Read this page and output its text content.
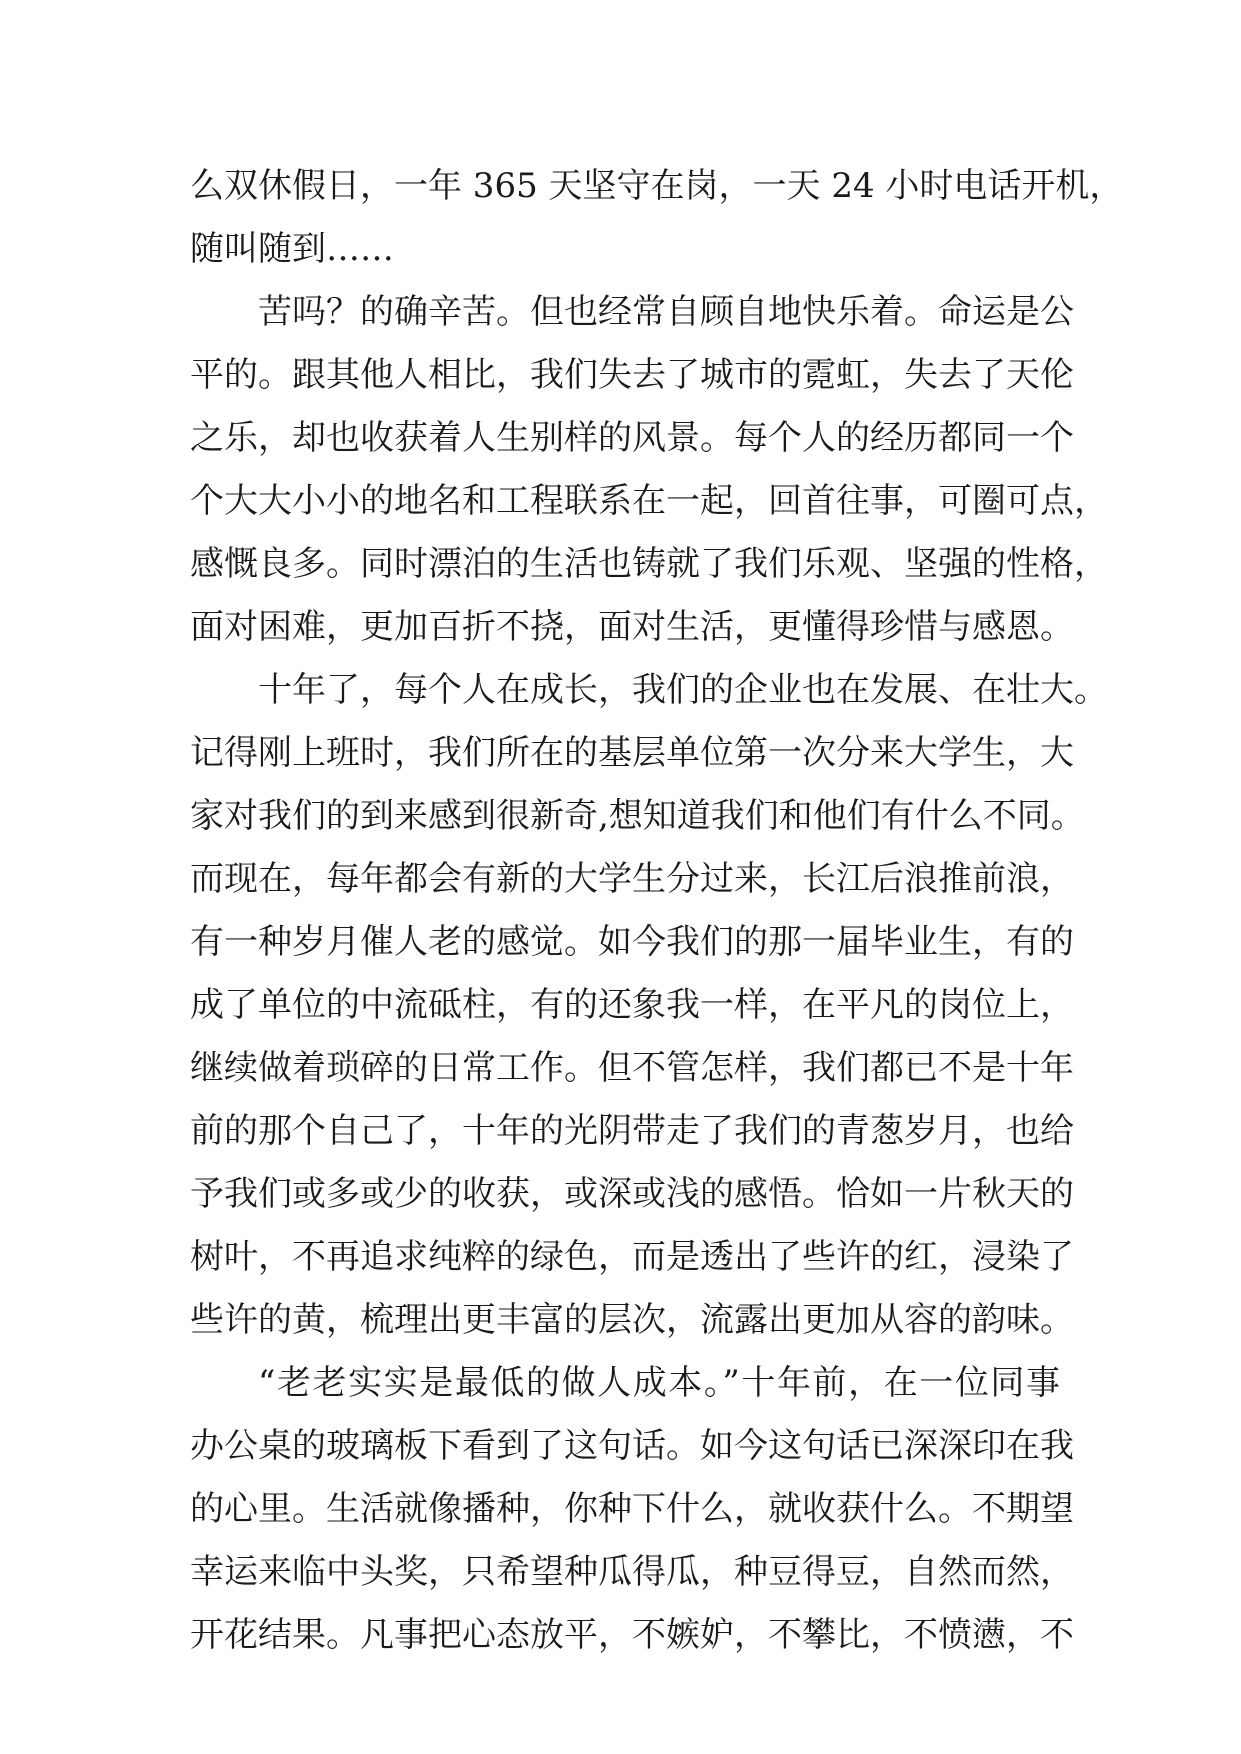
么双休假日，一年 365 天坚守在岗，一天 24 小时电话开机，
随叫随到……
苦吗？的确辛苦。但也经常自顾自地快乐着。命运是公
平的。跟其他人相比，我们失去了城市的霓虹，失去了天伦
之乐，却也收获着人生别样的风景。每个人的经历都同一个
个大大小小的地名和工程联系在一起，回首往事，可圈可点，
感慨良多。同时漂泊的生活也铸就了我们乐观、坚强的性格，
面对困难，更加百折不挠，面对生活，更懂得珍惜与感恩。
十年了，每个人在成长，我们的企业也在发展、在壮大。
记得刚上班时，我们所在的基层单位第一次分来大学生，大
家对我们的到来感到很新奇,想知道我们和他们有什么不同。
而现在，每年都会有新的大学生分过来，长江后浪推前浪，
有一种岁月催人老的感觉。如今我们的那一届毕业生，有的
成了单位的中流砥柱，有的还象我一样，在平凡的岗位上，
继续做着琐碎的日常工作。但不管怎样，我们都已不是十年
前的那个自己了，十年的光阴带走了我们的青葱岁月，也给
予我们或多或少的收获，或深或浅的感悟。恰如一片秋天的
树叶，不再追求纯粹的绿色，而是透出了些许的红，浸染了
些许的黄，梳理出更丰富的层次，流露出更加从容的韵味。
“老老实实是最低的做人成本。”十年前，在一位同事
办公桌的玻璃板下看到了这句话。如今这句话已深深印在我
的心里。生活就像播种，你种下什么，就收获什么。不期望
幸运来临中头奖，只希望种瓜得瓜，种豆得豆，自然而然，
开花结果。凡事把心态放平，不嫉妒，不攀比，不愤懑，不
